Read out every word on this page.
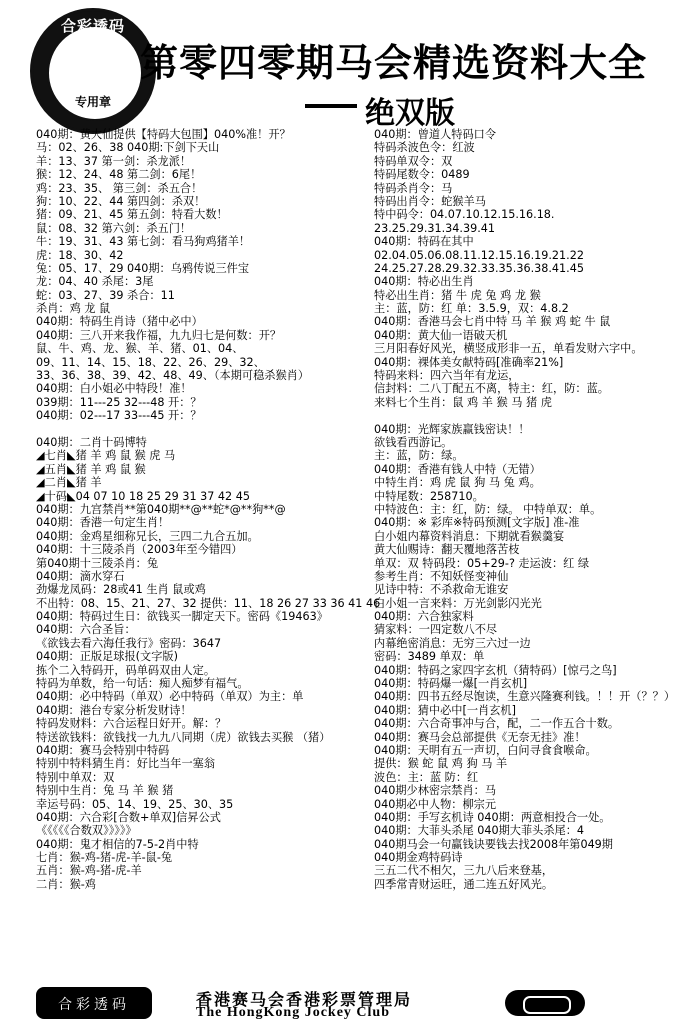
合彩透码
专用章
第零四零期马会精选资料大全
绝双版
040期：黄大仙提供【特码大包围】040%准！开？
马：02、26、38 040期:下剑下天山
羊：13、37 第一剑：杀龙派！
猴：12、24、48 第二剑：6尾！
鸡：23、35、 第三剑：杀五合！
狗：10、22、44 第四剑：杀双！
猪：09、21、45 第五剑：特看大数！
鼠：08、32 第六剑：杀五门！
牛：19、31、43 第七剑：看马狗鸡猪羊！
虎：18、30、42
兔：05、17、29 040期：乌鸦传说三件宝
龙：04、40 杀尾：3尾
蛇：03、27、39 杀合：11
杀肖：鸡 龙 鼠
040期：特码生肖诗（猪中必中）
040期：三八开来我作福，九九归七是何数：开？
鼠、牛、鸡、龙、猴、羊、猪、01、04、
09、11、14、15、18、22、26、29、32、
33、36、38、39、42、48、49、（本期可稳杀猴肖）
040期：白小姐必中特段！准！
039期：11---25 32---48 开：？
040期：02---17 33---45 开：？
040期：二肖十码博特
◢七肖◣猪 羊 鸡 鼠 猴 虎 马
◢五肖◣猪 羊 鸡 鼠 猴
◢二肖◣猪 羊
◢十码◣04 07 10 18 25 29 31 37 42 45
040期：九宫禁肖**第040期**@**蛇*@**狗**@
040期：香港一句定生肖！
040期：金鸡星细称兄长，三四二九合五加。
040期：十三陵杀肖（2003年至今错四）
第040期十三陵杀肖：兔
040期：滴水穿石
劲爆龙凤码：28或41 生肖 鼠或鸡
不出特：08、15、21、27、32 提供：11、18 26 27 33 36 41 46
040期：特码过生日：欲钱买一脚定天下。密码《19463》
040期：六合圣旨：
《欲钱去看六海任我行》密码：3647
040期：正版足球报(文字版)
拣个二入特码开，码单码双由人定。
特码为单数，给一句话：痴人痴梦有福气。
040期：必中特码（单双）必中特码（单双）为主：单
040期：港台专家分析发财诗！
特码发财料：六合运程日好开。解：？
特送欲钱料：欲钱找一九九八同期（虎）欲钱去买猴 （猪）
040期：赛马会特别中特码
特别中特料猜生肖：好比当年一塞翁
特别中单双：双
特别中生肖：兔 马 羊 猴 猪
幸运号码：05、14、19、25、30、35
040期：六合彩[合数+单双]信昇公式
《《《《《合数双》》》》》
040期：鬼才相信的7-5-2肖中特
七肖：猴-鸡-猪-虎-羊-鼠-兔
五肖：猴-鸡-猪-虎-羊
二肖：猴-鸡
040期：曾道人特码口令
特码杀波色令：红波
特码单双令：双
特码尾数令：0489
特码杀肖令：马
特码出肖令：蛇猴羊马
特中码令：04.07.10.12.15.16.18.
23.25.29.31.34.39.41
040期：特码在其中
02.04.05.06.08.11.12.15.16.19.21.22
24.25.27.28.29.32.33.35.36.38.41.45
040期：特必出生肖
特必出生肖：猪 牛 虎 兔 鸡 龙 猴
主：蓝，防：红 单：3.5.9，双：4.8.2
040期：香港马会七肖中特 马 羊 猴 鸡 蛇 牛 鼠
040期：黄大仙一语破天机
三月阳春好风光，横竖成形非一五，单看发财六字中。
040期：裸体美女献特码[准确率21%]
特码来料：四六当年有龙运，
信封料：二八丁配五不离，特主：红，防：蓝。
来料七个生肖：鼠 鸡 羊 猴 马 猪 虎
040期：光辉家族赢钱密诀！！
欲钱看西游记。
主：蓝，防：绿。
040期：香港有钱人中特（无错）
中特生肖：鸡 虎 鼠 狗 马 兔 鸡。
中特尾数：258710。
中特波色：主：红，防：绿。 中特单双：单。
040期：※ 彩库※特码预测[文字版] 准-准
白小姐内幕资料消息：下期就看猴羹宴
黄大仙赐诗：翻天覆地落苦枝
单双：双 特码段：05+29-? 走运波：红 绿
参考生肖：不知妖怪变神仙
见诗中特：不杀救命无谁安
白小姐一言来料：万光剑影闪光光
040期：六合独家料
猜家料：一四定数八不尽
内幕绝密消息：无穷三六过一边
密码：3489 单双：单
040期：特码之家四字玄机（猜特码）[惊弓之鸟]
040期：特码爆一爆[一肖玄机]
040期：四书五经尽饱读，生意兴隆赛利钱。！！开（？？）
040期：猜中必中[一肖玄机]
040期：六合奇事冲与合，配，二一作五合十数。
040期：赛马会总部提供《无奈无挂》准！
040期：天明有五一声切，白问寻食食喉命。
提供：猴 蛇 鼠 鸡 狗 马 羊
波色：主：蓝 防：红
040期少林密宗禁肖：马
040期必中人物：柳宗元
040期：手写玄机诗 040期：两意相投合一处。
040期：大菲头杀尾 040期大菲头杀尾：4
040期马会一句赢钱诀要钱去找2008年第049期
040期金鸡特码诗
三五二代不相欠，三九八后来登基，
四季常青财运旺，通二连五好风光。
合彩透码	香港赛马会香港彩票管理局
The HongKong Jockey Club
